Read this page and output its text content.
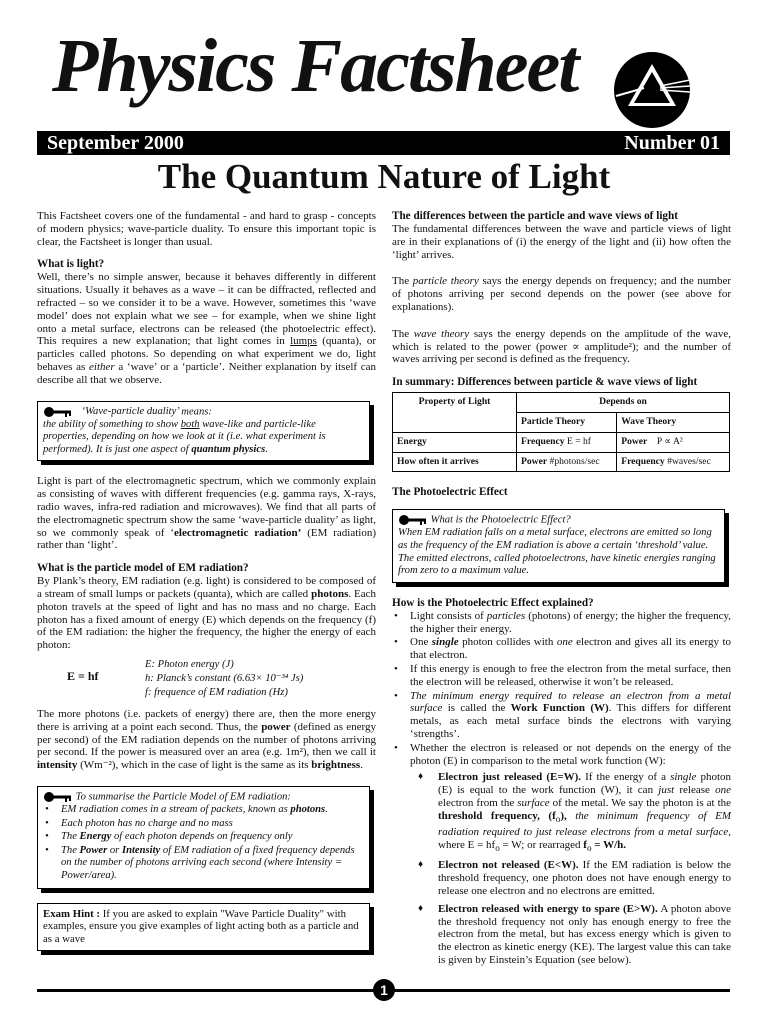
Physics Factsheet
September 2000	Number 01
The Quantum Nature of Light

This Factsheet covers one of the fundamental - and hard to grasp - concepts of modern physics; wave-particle duality. To ensure this important topic is clear, the Factsheet is longer than usual.

What is light?

Well, there’s no simple answer, because it behaves differently in different situations. Usually it behaves as a wave – it can be diffracted, reflected and refracted – so we consider it to be a wave. However, sometimes this ‘wave model’ does not explain what we see – for example, when we shine light onto a metal surface, electrons can be released (the photoelectric effect). This requires a new explanation; that light comes in lumps (quanta), or particles called photons. So depending on what experiment we do, light behaves as either a ‘wave’ or a ‘particle’. Neither explanation by itself can describe all that we observe.

‘Wave-particle duality’ means:
the ability of something to show both wave-like and particle-like properties, depending on how we look at it (i.e. what experiment is performed). It is just one aspect of quantum physics.

Light is part of the electromagnetic spectrum, which we commonly explain as consisting of waves with different frequencies (e.g. gamma rays, X-rays, radio waves, infra-red radiation and microwaves). We find that all parts of the electromagnetic spectrum show the same ‘wave-particle duality’ as light, so we commonly speak of ‘electromagnetic radiation’ (EM radiation) rather than ‘light’.

What is the particle model of EM radiation?

By Plank’s theory, EM radiation (e.g. light) is considered to be composed of a stream of small lumps or packets (quanta), which are called photons. Each photon travels at the speed of light and has no mass and no charge. Each photon has a fixed amount of energy (E) which depends on the frequency (f) of the EM radiation: the higher the frequency, the higher the energy of each photon:

E = hf
E: Photon energy (J)
h: Planck’s constant (6.63× 10⁻³⁴ Js)
f: frequence of EM radiation (Hz)

The more photons (i.e. packets of energy) there are, then the more energy there is arriving at a point each second. Thus, the power (defined as energy per second) of the EM radiation depends on the number of photons arriving per second. If the power is measured over an area (e.g. 1m²), then we call it intensity (Wm⁻²), which in the case of light is the same as its brightness.

To summarise the Particle Model of EM radiation:
• EM radiation comes in a stream of packets, known as photons.
• Each photon has no charge and no mass
• The Energy of each photon depends on frequency only
• The Power or Intensity of EM radiation of a fixed frequency depends on the number of photons arriving each second (where Intensity = Power/area).
Exam Hint : If you are asked to explain "Wave Particle Duality" with examples, ensure you give examples of light acting both as a particle and as a wave

The differences between the particle and wave views of light

The fundamental differences between the wave and particle views of light are in their explanations of (i) the energy of the light and (ii) how often the ‘light’ arrives.

The particle theory says the energy depends on frequency; and the number of photons arriving per second depends on the power (see above for explanations).

The wave theory says the energy depends on the amplitude of the wave, which is related to the power (power ∝ amplitude²); and the number of waves arriving per second is defined as the frequency.

In summary: Differences between particle & wave views of light

Property of Light	Depends on	
	Particle Theory	Wave Theory
Energy	Frequency E = hf	Power P ∝ A²
How often it arrives	Power #photons/sec	Frequency #waves/sec

The Photoelectric Effect

What is the Photoelectric Effect?
When EM radiation falls on a metal surface, electrons are emitted so long as the frequency of the EM radiation is above a certain ‘threshold’ value. The emitted electrons, called photoelectrons, have kinetic energies ranging from zero to a maximum value.

How is the Photoelectric Effect explained?

• Light consists of particles (photons) of energy; the higher the frequency, the higher their energy.
• One single photon collides with one electron and gives all its energy to that electron.
• If this energy is enough to free the electron from the metal surface, then the electron will be released, otherwise it won’t be released.
• The minimum energy required to release an electron from a metal surface is called the Work Function (W). This differs for different metals, as each metal surface binds the electrons with varying ‘strengths’.
• Whether the electron is released or not depends on the energy of the photon (E) in comparison to the metal work function (W):
♦ Electron just released (E=W). If the energy of a single photon (E) is equal to the work function (W), it can just release one electron from the surface of the metal. We say the photon is at the threshold frequency, $(f_o)$, the minimum frequency of EM radiation required to just release electrons from a metal surface, where $E = hf_o = W$; or rearraged $f_o = W/h$.
♦ Electron not released (E<W). If the EM radiation is below the threshold frequency, one photon does not have enough energy to release one electron and no electrons are emitted.
♦ Electron released with energy to spare (E>W). A photon above the threshold frequency not only has enough energy to free the electron from the metal, but has excess energy which is given to the electron as kinetic energy (KE). The largest value this can take is given by Einstein’s Equation (see below).
1
